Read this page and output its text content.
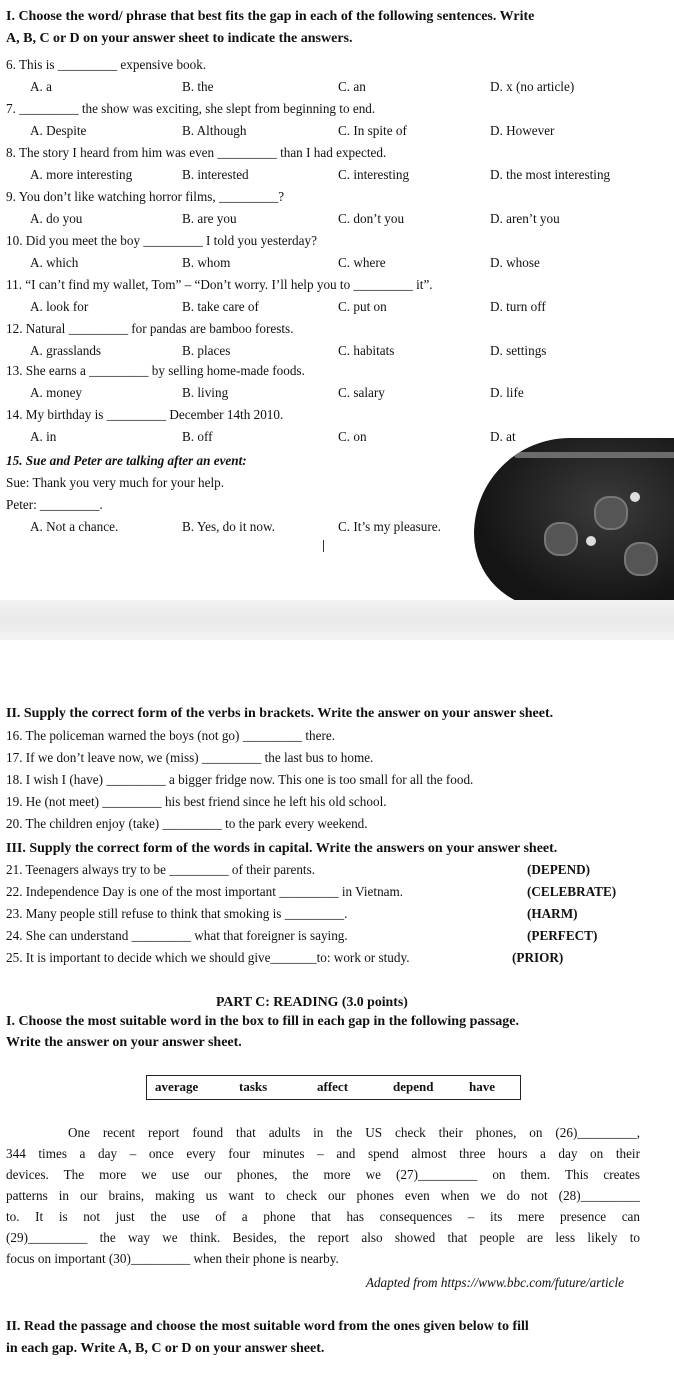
I. Choose the word/ phrase that best fits the gap in each of the following sentences. Write
A, B, C or D on your answer sheet to indicate the answers.
6. This is _________ expensive book.
A. a	B. the	C. an	D. x (no article)
7. _________ the show was exciting, she slept from beginning to end.
A. Despite	B. Although	C. In spite of	D. However
8. The story I heard from him was even _________ than I had expected.
A. more interesting	B. interested	C. interesting	D. the most interesting
9. You don’t like watching horror films, _________?
A. do you	B. are you	C. don’t you	D. aren’t you
10. Did you meet the boy _________ I told you yesterday?
A. which	B. whom	C. where	D. whose
11. “I can’t find my wallet, Tom” – “Don’t worry. I’ll help you to _________ it”.
A. look for	B. take care of	C. put on	D. turn off
12. Natural _________ for pandas are bamboo forests.
A. grasslands	B. places	C. habitats	D. settings
13. She earns a _________ by selling home-made foods.
A. money	B. living	C. salary	D. life
14. My birthday is _________ December 14th 2010.
A. in	B. off	C. on	D. at
15. Sue and Peter are talking after an event:
Sue: Thank you very much for your help.
Peter: _________.
A. Not a chance.	B. Yes, do it now.	C. It’s my pleasure.
II. Supply the correct form of the verbs in brackets. Write the answer on your answer sheet.
16. The policeman warned the boys (not go) _________ there.
17. If we don’t leave now, we (miss) _________ the last bus to home.
18. I wish I (have) _________ a bigger fridge now. This one is too small for all the food.
19. He (not meet) _________ his best friend since he left his old school.
20. The children enjoy (take) _________ to the park every weekend.
III. Supply the correct form of the words in capital. Write the answers on your answer sheet.
21. Teenagers always try to be _________ of their parents.	(DEPEND)
22. Independence Day is one of the most important _________ in Vietnam.	(CELEBRATE)
23. Many people still refuse to think that smoking is _________.	(HARM)
24. She can understand _________ what that foreigner is saying.	(PERFECT)
25. It is important to decide which we should give_______to: work or study.	(PRIOR)
PART C: READING (3.0 points)
I. Choose the most suitable word in the box to fill in each gap in the following passage.
Write the answer on your answer sheet.
average	tasks	affect	depend	have
One recent report found that adults in the US check their phones, on (26)_________,
344 times a day – once every four minutes – and spend almost three hours a day on their
devices. The more we use our phones, the more we (27)_________ on them. This creates
patterns in our brains, making us want to check our phones even when we do not (28)_________
to. It is not just the use of a phone that has consequences – its mere presence can
(29)_________ the way we think. Besides, the report also showed that people are less likely to
focus on important (30)_________ when their phone is nearby.
Adapted from https://www.bbc.com/future/article
II. Read the passage and choose the most suitable word from the ones given below to fill
in each gap. Write A, B, C or D on your answer sheet.
